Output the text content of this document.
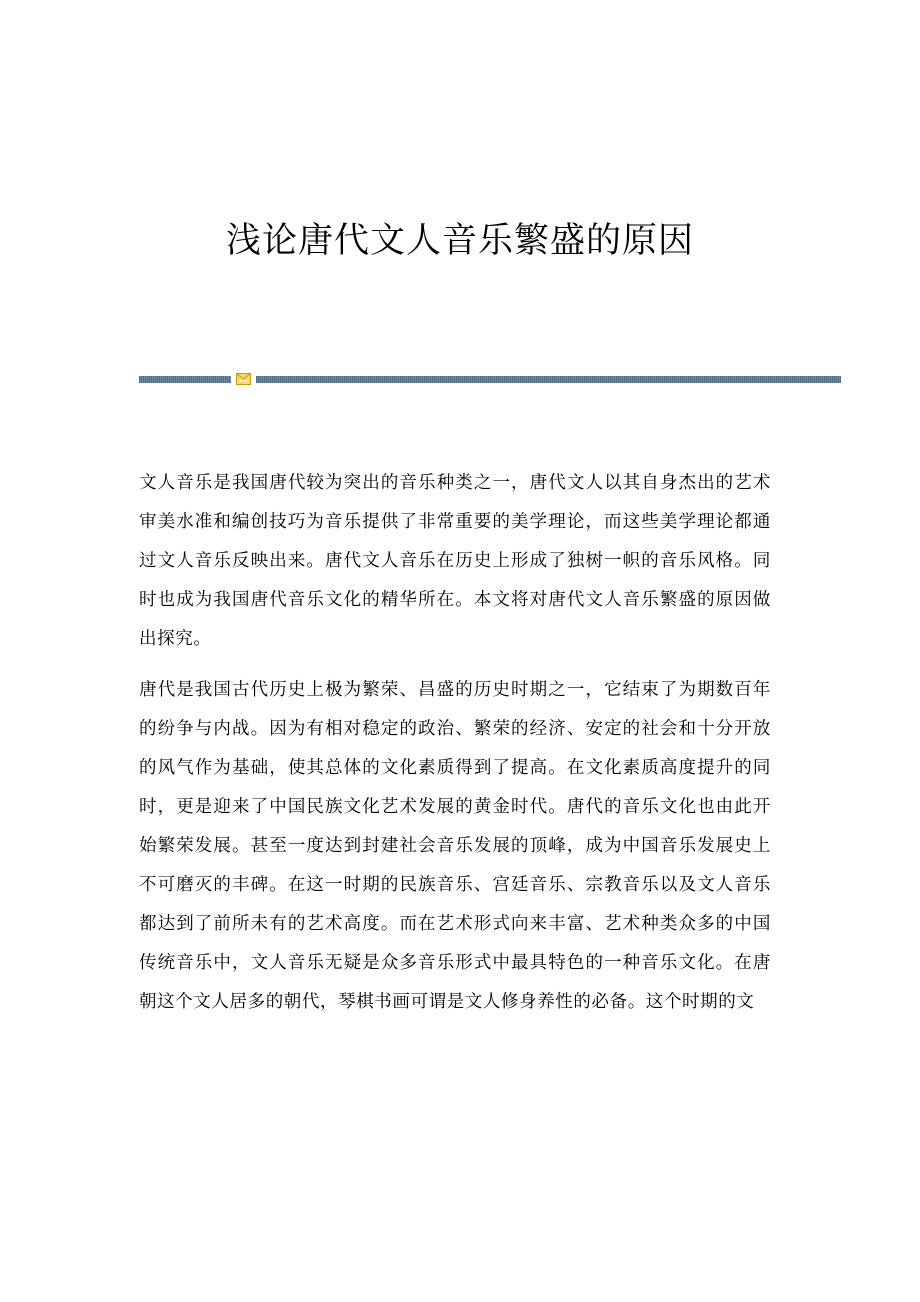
浅论唐代文人音乐繁盛的原因

文人音乐是我国唐代较为突出的音乐种类之一，唐代文人以其自身杰出的艺术审美水准和编创技巧为音乐提供了非常重要的美学理论，而这些美学理论都通过文人音乐反映出来。唐代文人音乐在历史上形成了独树一帜的音乐风格。同时也成为我国唐代音乐文化的精华所在。本文将对唐代文人音乐繁盛的原因做出探究。

唐代是我国古代历史上极为繁荣、昌盛的历史时期之一，它结束了为期数百年的纷争与内战。因为有相对稳定的政治、繁荣的经济、安定的社会和十分开放的风气作为基础，使其总体的文化素质得到了提高。在文化素质高度提升的同时，更是迎来了中国民族文化艺术发展的黄金时代。唐代的音乐文化也由此开始繁荣发展。甚至一度达到封建社会音乐发展的顶峰，成为中国音乐发展史上不可磨灭的丰碑。在这一时期的民族音乐、宫廷音乐、宗教音乐以及文人音乐都达到了前所未有的艺术高度。而在艺术形式向来丰富、艺术种类众多的中国传统音乐中，文人音乐无疑是众多音乐形式中最具特色的一种音乐文化。在唐朝这个文人居多的朝代，琴棋书画可谓是文人修身养性的必备。这个时期的文
